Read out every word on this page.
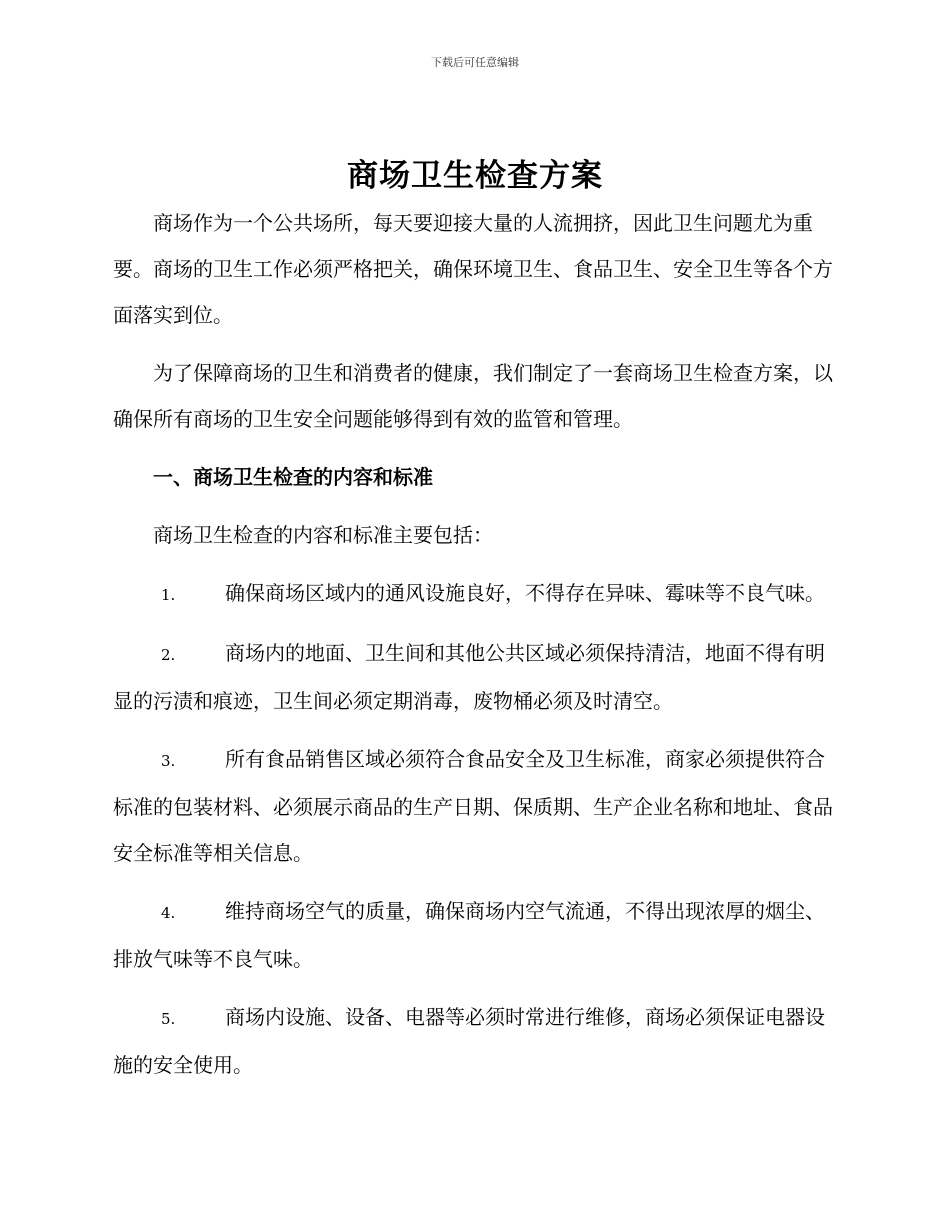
下载后可任意编辑
商场卫生检查方案

商场作为一个公共场所，每天要迎接大量的人流拥挤，因此卫生问题尤为重要。商场的卫生工作必须严格把关，确保环境卫生、食品卫生、安全卫生等各个方面落实到位。

为了保障商场的卫生和消费者的健康，我们制定了一套商场卫生检查方案，以确保所有商场的卫生安全问题能够得到有效的监管和管理。

一、商场卫生检查的内容和标准

商场卫生检查的内容和标准主要包括：

1. 确保商场区域内的通风设施良好，不得存在异味、霉味等不良气味。

2. 商场内的地面、卫生间和其他公共区域必须保持清洁，地面不得有明显的污渍和痕迹，卫生间必须定期消毒，废物桶必须及时清空。

3. 所有食品销售区域必须符合食品安全及卫生标准，商家必须提供符合标准的包装材料、必须展示商品的生产日期、保质期、生产企业名称和地址、食品安全标准等相关信息。

4. 维持商场空气的质量，确保商场内空气流通，不得出现浓厚的烟尘、排放气味等不良气味。

5. 商场内设施、设备、电器等必须时常进行维修，商场必须保证电器设施的安全使用。
